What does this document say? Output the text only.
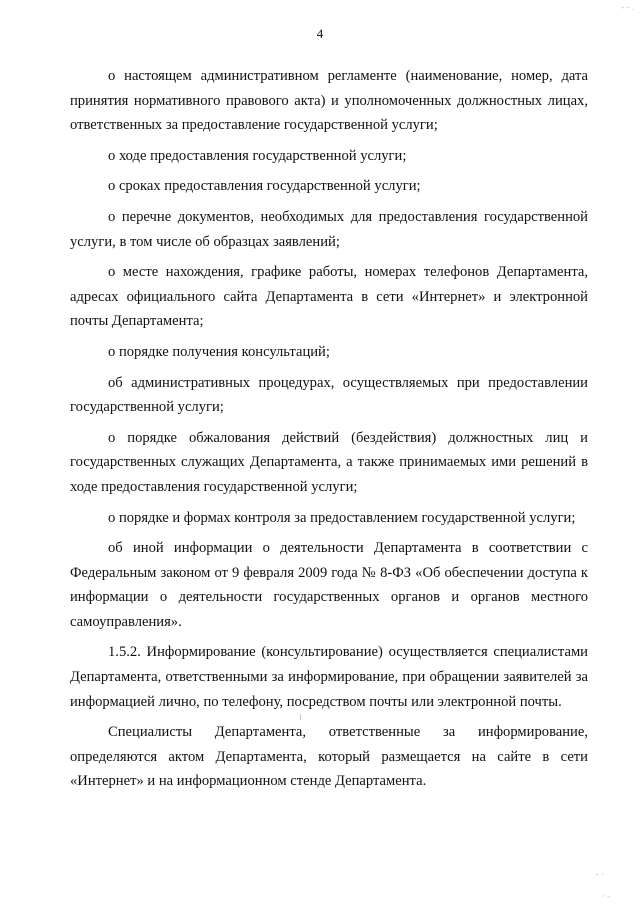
- - .
4

о настоящем административном регламенте (наименование, номер, дата принятия нормативного правового акта) и уполномоченных должностных лицах, ответственных за предоставление государственной услуги;

о ходе предоставления государственной услуги;

о сроках предоставления государственной услуги;

о перечне документов, необходимых для предоставления государственной услуги, в том числе об образцах заявлений;

о месте нахождения, графике работы, номерах телефонов Департамента, адресах официального сайта Департамента в сети «Интернет» и электронной почты Департамента;

о порядке получения консультаций;

об административных процедурах, осуществляемых при предоставлении государственной услуги;

о порядке обжалования действий (бездействия) должностных лиц и государственных служащих Департамента, а также принимаемых ими решений в ходе предоставления государственной услуги;

о порядке и формах контроля за предоставлением государственной услуги;

об иной информации о деятельности Департамента в соответствии с Федеральным законом от 9 февраля 2009 года № 8-ФЗ «Об обеспечении доступа к информации о деятельности государственных органов и органов местного самоуправления».

1.5.2. Информирование (консультирование) осуществляется специалистами Департамента, ответственными за информирование, при обращении заявителей за информацией лично, по телефону, посредством почты или электронной почты.

Специалисты Департамента, ответственные за информирование, определяются актом Департамента, который размещается на сайте в сети «Интернет» и на информационном стенде Департамента.

- ·
· -
